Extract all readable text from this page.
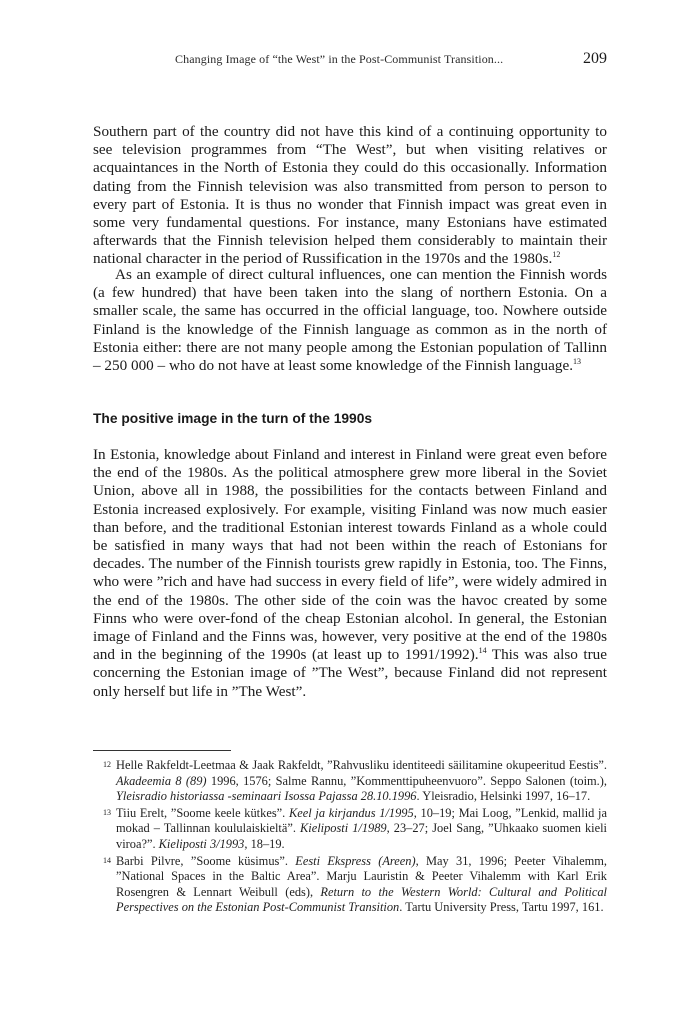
Changing Image of “the West” in the Post-Communist Transition...	209

Southern part of the country did not have this kind of a continuing opportunity to see television programmes from “The West”, but when visiting relatives or acquaintances in the North of Estonia they could do this occasionally. Information dating from the Finnish television was also transmitted from person to person to every part of Estonia. It is thus no wonder that Finnish impact was great even in some very fundamental questions. For instance, many Estonians have estimated afterwards that the Finnish television helped them considerably to maintain their national character in the period of Russification in the 1970s and the 1980s.$^{12}$

As an example of direct cultural influences, one can mention the Finnish words (a few hundred) that have been taken into the slang of northern Estonia. On a smaller scale, the same has occurred in the official language, too. Nowhere outside Finland is the knowledge of the Finnish language as common as in the north of Estonia either: there are not many people among the Estonian population of Tallinn – 250 000 – who do not have at least some knowledge of the Finnish language.$^{13}$

The positive image in the turn of the 1990s

In Estonia, knowledge about Finland and interest in Finland were great even before the end of the 1980s. As the political atmosphere grew more liberal in the Soviet Union, above all in 1988, the possibilities for the contacts between Finland and Estonia increased explosively. For example, visiting Finland was now much easier than before, and the traditional Estonian interest towards Finland as a whole could be satisfied in many ways that had not been within the reach of Estonians for decades. The number of the Finnish tourists grew rapidly in Estonia, too. The Finns, who were ”rich and have had success in every field of life”, were widely admired in the end of the 1980s. The other side of the coin was the havoc created by some Finns who were over-fond of the cheap Estonian alcohol. In general, the Estonian image of Finland and the Finns was, however, very positive at the end of the 1980s and in the beginning of the 1990s (at least up to 1991/1992).$^{14}$ This was also true concerning the Estonian image of ”The West”, because Finland did not represent only herself but life in ”The West”.

12 Helle Rakfeldt-Leetmaa & Jaak Rakfeldt, ”Rahvusliku identiteedi säilitamine okupeeritud Eestis”. Akadeemia 8 (89) 1996, 1576; Salme Rannu, ”Kommenttipuheenvuoro”. Seppo Salonen (toim.), Yleisradio historiassa -seminaari Isossa Pajassa 28.10.1996. Yleisradio, Helsinki 1997, 16–17.
13 Tiiu Erelt, ”Soome keele kütkes”. Keel ja kirjandus 1/1995, 10–19; Mai Loog, ”Lenkid, mallid ja mokad – Tallinnan koululaiskieltä”. Kieliposti 1/1989, 23–27; Joel Sang, ”Uhkaako suomen kieli viroa?”. Kieliposti 3/1993, 18–19.
14 Barbi Pilvre, ”Soome küsimus”. Eesti Ekspress (Areen), May 31, 1996; Peeter Vihalemm, ”National Spaces in the Baltic Area”. Marju Lauristin & Peeter Vihalemm with Karl Erik Rosengren & Lennart Weibull (eds), Return to the Western World: Cultural and Political Perspectives on the Estonian Post-Communist Transition. Tartu University Press, Tartu 1997, 161.
